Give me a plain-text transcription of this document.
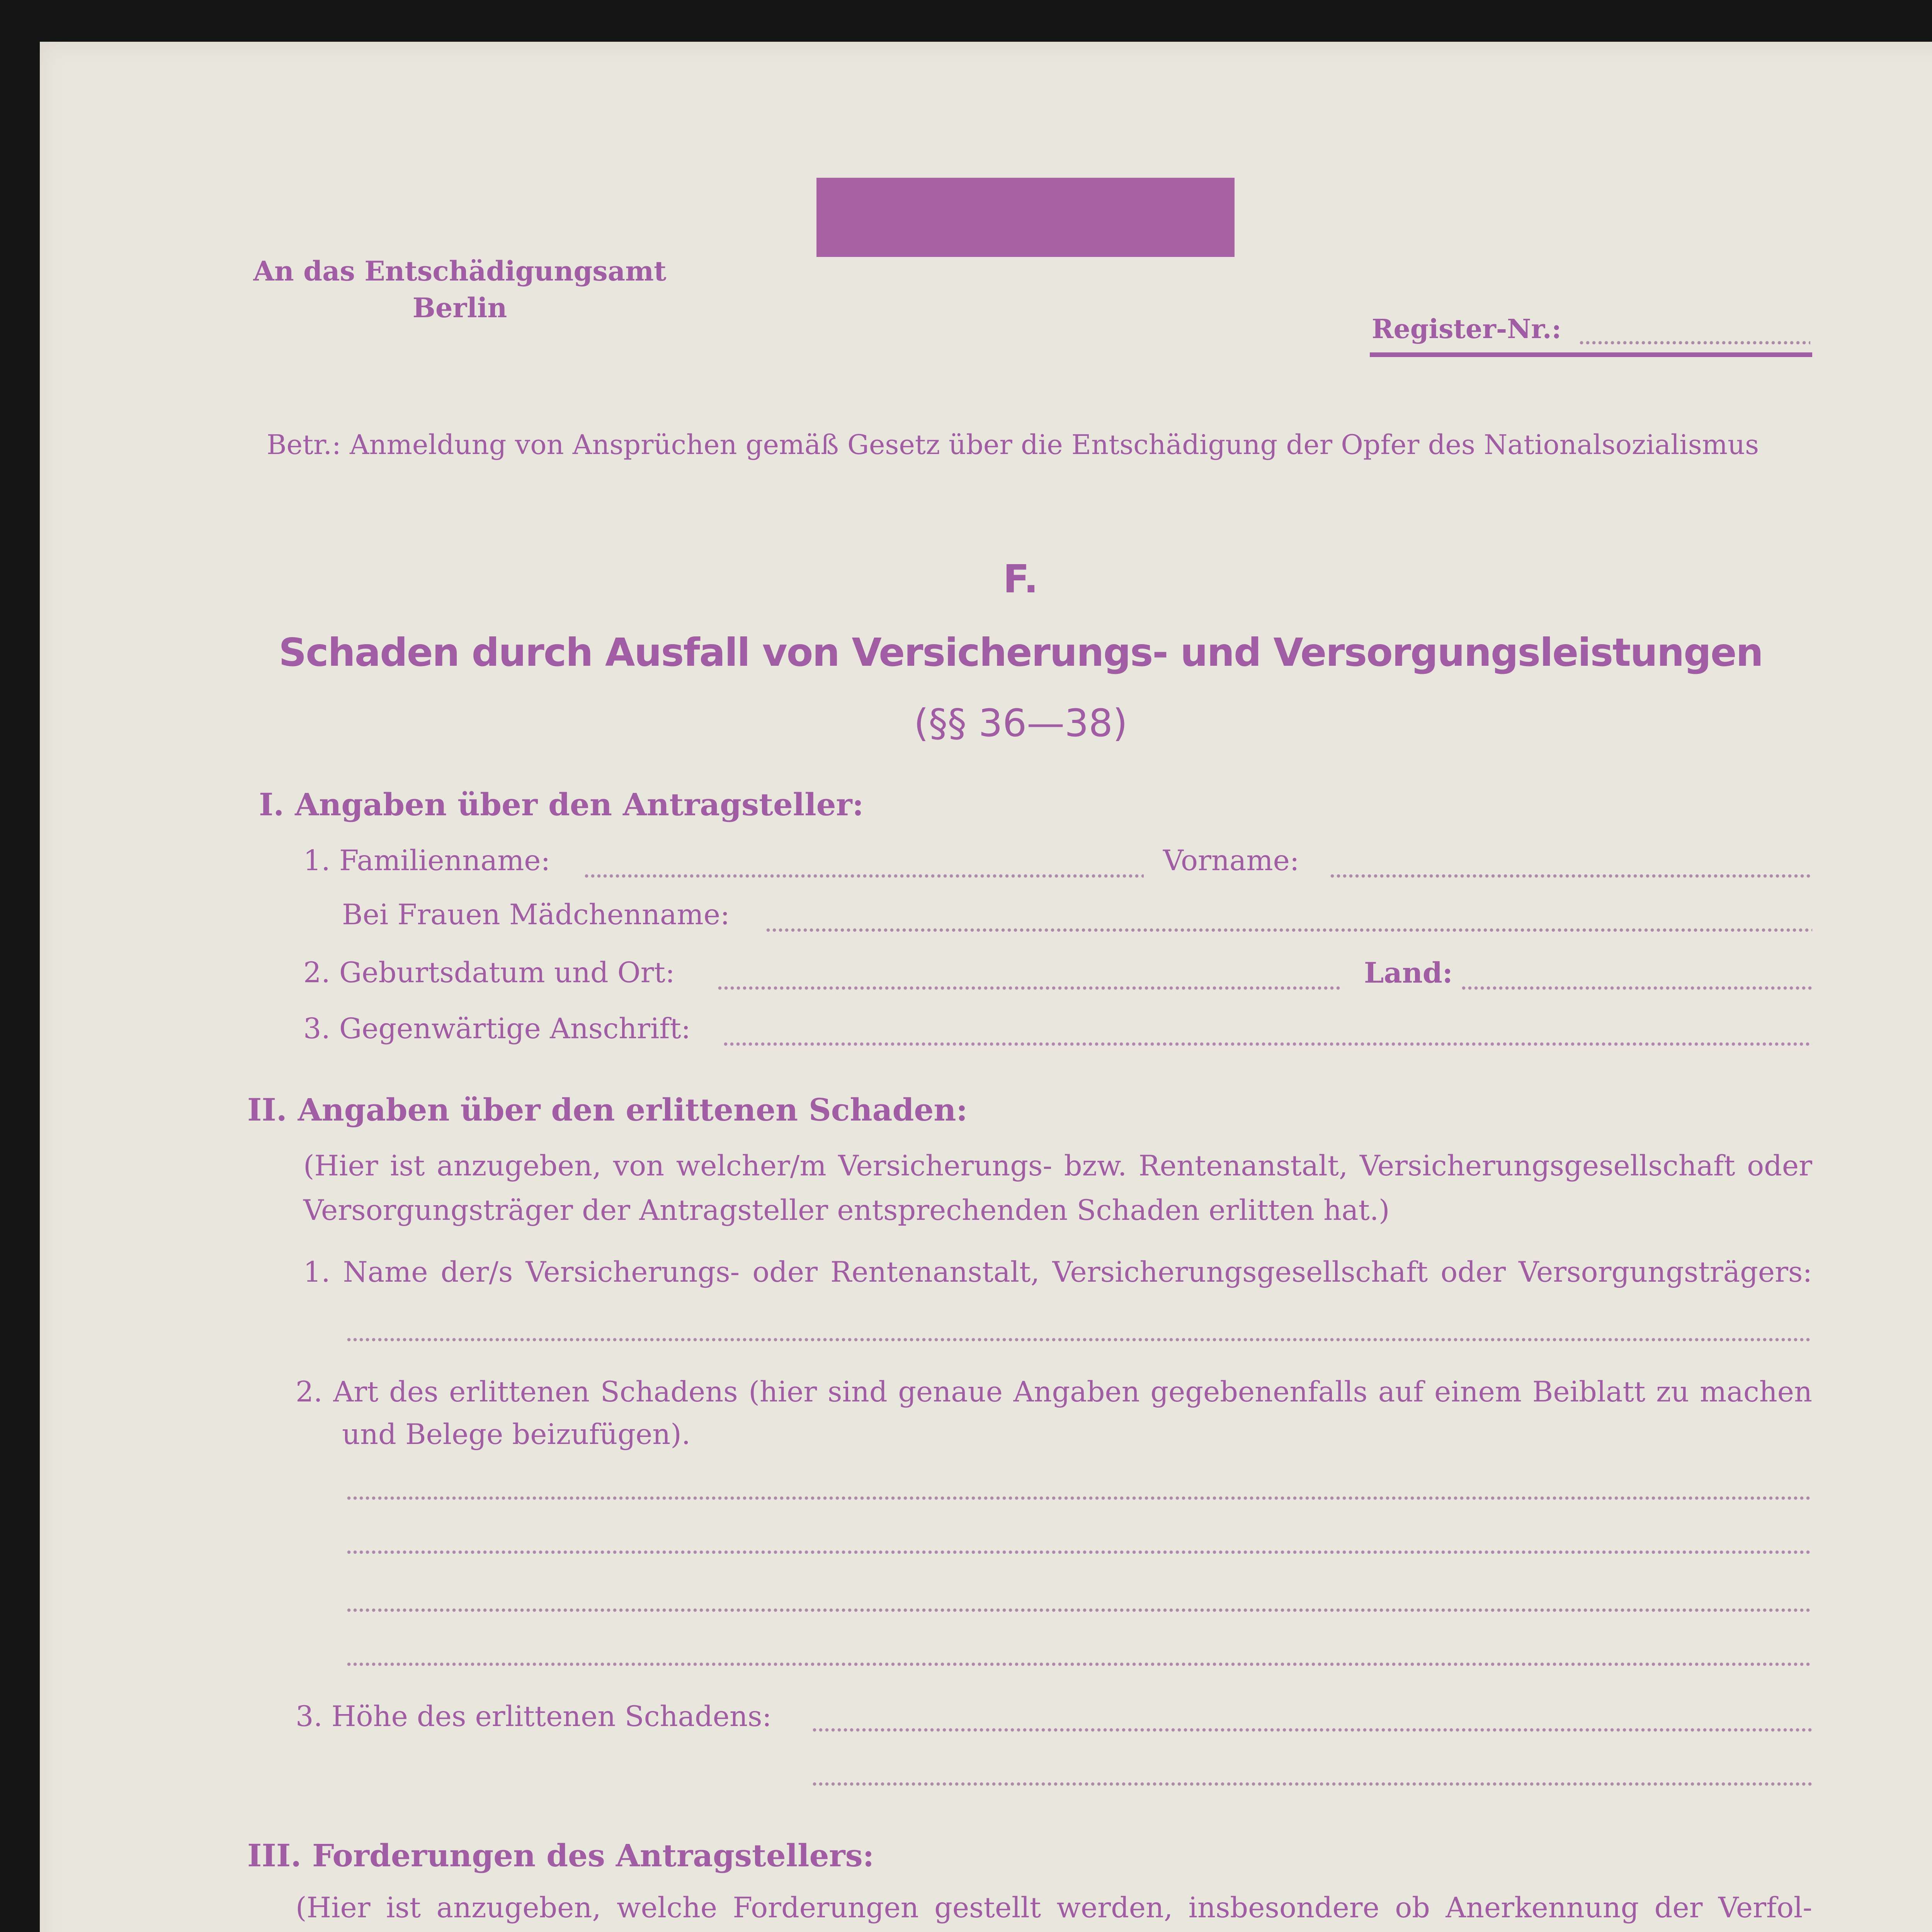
An das Entschädigungsamt
Berlin
Register-Nr.:
Betr.: Anmeldung von Ansprüchen gemäß Gesetz über die Entschädigung der Opfer des Nationalsozialismus
F.
Schaden durch Ausfall von Versicherungs- und Versorgungsleistungen
(§§ 36—38)
I. Angaben über den Antragsteller:
1. Familienname:	Vorname:
Bei Frauen Mädchenname:
2. Geburtsdatum und Ort:	Land:
3. Gegenwärtige Anschrift:
II. Angaben über den erlittenen Schaden:
(Hier ist anzugeben, von welcher/m Versicherungs- bzw. Rentenanstalt, Versicherungsgesellschaft oder
Versorgungsträger der Antragsteller entsprechenden Schaden erlitten hat.)
1. Name der/s Versicherungs- oder Rentenanstalt, Versicherungsgesellschaft oder Versorgungsträgers:
2. Art des erlittenen Schadens (hier sind genaue Angaben gegebenenfalls auf einem Beiblatt zu machen
und Belege beizufügen).
3. Höhe des erlittenen Schadens:
III. Forderungen des Antragstellers:
(Hier ist anzugeben, welche Forderungen gestellt werden, insbesondere ob Anerkennung der Verfol-
